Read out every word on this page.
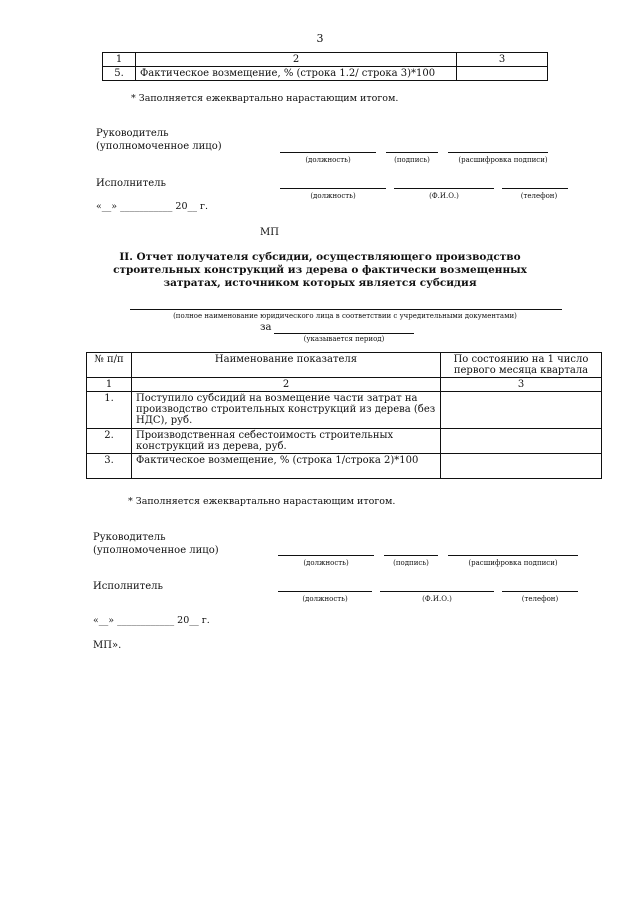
3
1	2	3
5.	Фактическое возмещение, % (строка 1.2/ строка 3)*100	
* Заполняется ежеквартально нарастающим итогом.
Руководитель
(уполномоченное лицо)
(должность)	(подпись)	(расшифровка подписи)
Исполнитель
(должность)	(Ф.И.О.)	(телефон)
«__» ___________ 20__ г.
МП
II. Отчет получателя субсидии, осуществляющего производство
строительных конструкций из дерева о фактически возмещенных
затратах, источником которых является субсидия
(полное наименование юридического лица в соответствии с учредительными документами)
за
(указывается период)
№ п/п	Наименование показателя	По состоянию на 1 число первого месяца квартала
1	2	3
1.	Поступило субсидий на возмещение части затрат на производство строительных конструкций из дерева (без НДС), руб.	
2.	Производственная себестоимость строительных конструкций из дерева, руб.	
3.	Фактическое возмещение, % (строка 1/строка 2)*100	
* Заполняется ежеквартально нарастающим итогом.
Руководитель
(уполномоченное лицо)
(должность)	(подпись)	(расшифровка подписи)
Исполнитель
(должность)	(Ф.И.О.)	(телефон)
«__» ____________ 20__ г.
МП».
